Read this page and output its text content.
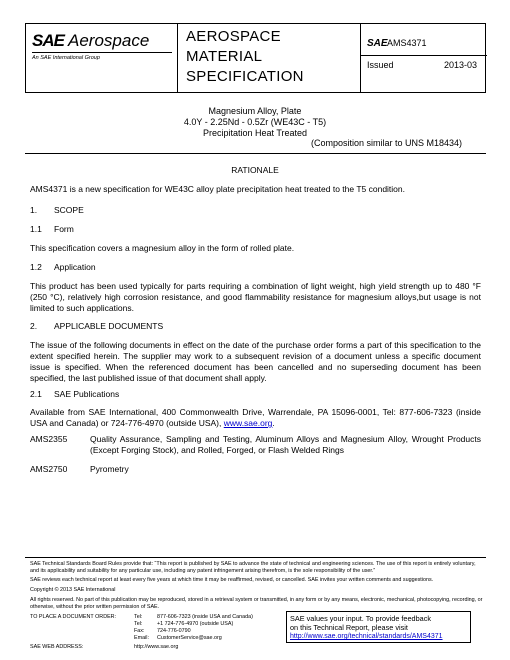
SAE Aerospace
An SAE International Group
AEROSPACE
MATERIAL
SPECIFICATION
SAE AMS4371
Issued	2013-03
Magnesium Alloy, Plate
4.0Y - 2.25Nd - 0.5Zr (WE43C - T5)
Precipitation Heat Treated
(Composition similar to UNS M18434)
RATIONALE
AMS4371 is a new specification for WE43C alloy plate precipitation heat treated to the T5 condition.
1. SCOPE
1.1 Form
This specification covers a magnesium alloy in the form of rolled plate.
1.2 Application
This product has been used typically for parts requiring a combination of light weight, high yield strength up to 480 °F (250 °C), relatively high corrosion resistance, and good flammability resistance for magnesium alloys,but usage is not limited to such applications.
2. APPLICABLE DOCUMENTS
The issue of the following documents in effect on the date of the purchase order forms a part of this specification to the extent specified herein. The supplier may work to a subsequent revision of a document unless a specific document issue is specified. When the referenced document has been cancelled and no superseding document has been specified, the last published issue of that document shall apply.
2.1 SAE Publications
Available from SAE International, 400 Commonwealth Drive, Warrendale, PA 15096-0001, Tel: 877-606-7323 (inside USA and Canada) or 724-776-4970 (outside USA), www.sae.org.
AMS2355	Quality Assurance, Sampling and Testing, Aluminum Alloys and Magnesium Alloy, Wrought Products (Except Forging Stock), and Rolled, Forged, or Flash Welded Rings
AMS2750	Pyrometry
SAE Technical Standards Board Rules provide that: “This report is published by SAE to advance the state of technical and engineering sciences. The use of this report is entirely voluntary, and its applicability and suitability for any particular use, including any patent infringement arising therefrom, is the sole responsibility of the user.”
SAE reviews each technical report at least every five years at which time it may be reaffirmed, revised, or cancelled. SAE invites your written comments and suggestions.
Copyright © 2013 SAE International
All rights reserved. No part of this publication may be reproduced, stored in a retrieval system or transmitted, in any form or by any means, electronic, mechanical, photocopying, recording, or otherwise, without the prior written permission of SAE.
TO PLACE A DOCUMENT ORDER:	Tel:	877-606-7323 (inside USA and Canada)
Tel:	+1 724-776-4970 (outside USA)
Fax: 724-776-0790
Email: CustomerService@sae.org
SAE WEB ADDRESS:	http://www.sae.org
SAE values your input. To provide feedback
on this Technical Report, please visit
http://www.sae.org/technical/standards/AMS4371
